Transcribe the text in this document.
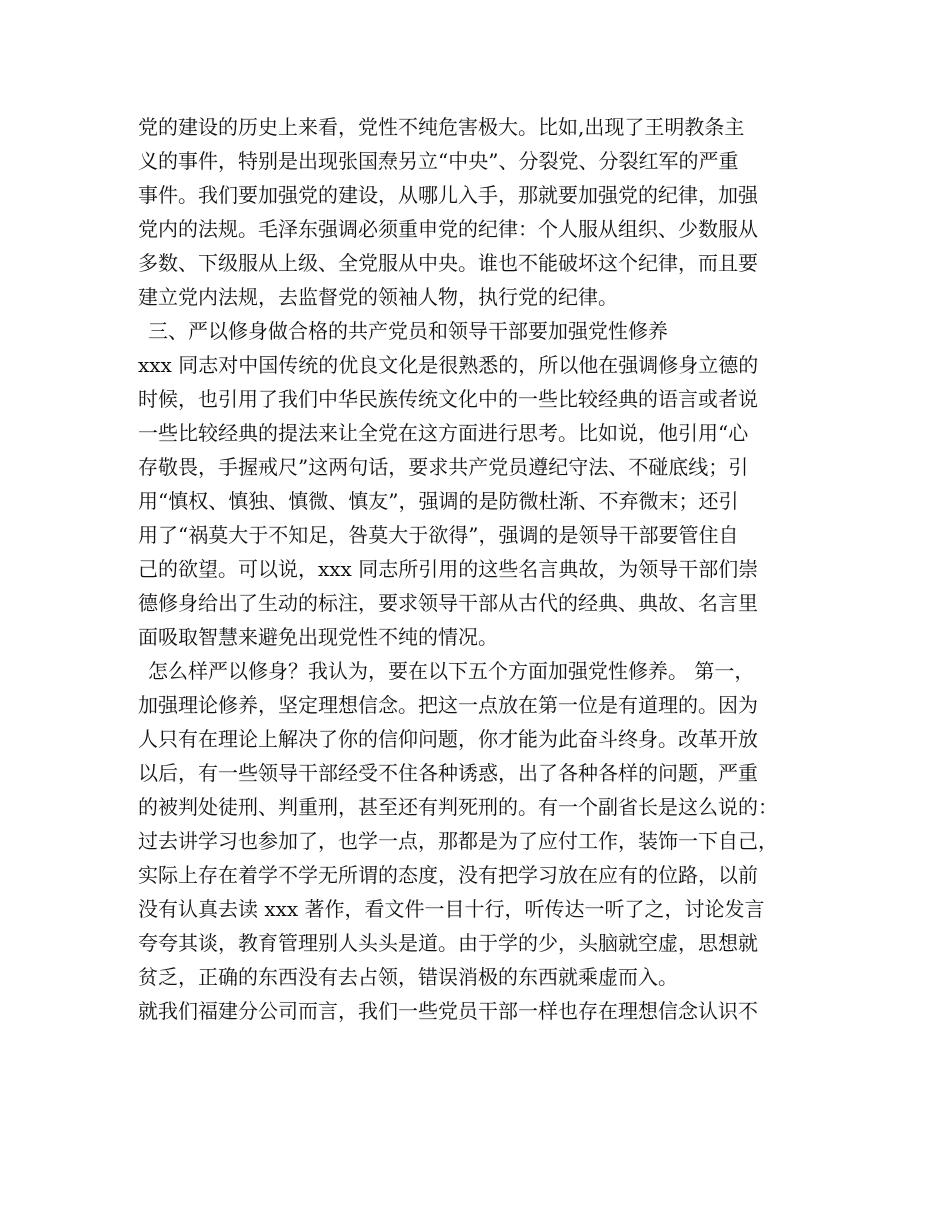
党的建设的历史上来看，党性不纯危害极大。比如,出现了王明教条主
义的事件，特别是出现张国焘另立“中央”、分裂党、分裂红军的严重
事件。我们要加强党的建设，从哪儿入手，那就要加强党的纪律，加强
党内的法规。毛泽东强调必须重申党的纪律：个人服从组织、少数服从
多数、下级服从上级、全党服从中央。谁也不能破坏这个纪律，而且要
建立党内法规，去监督党的领袖人物，执行党的纪律。
三、严以修身做合格的共产党员和领导干部要加强党性修养
xxx 同志对中国传统的优良文化是很熟悉的，所以他在强调修身立德的
时候，也引用了我们中华民族传统文化中的一些比较经典的语言或者说
一些比较经典的提法来让全党在这方面进行思考。比如说，他引用“心
存敬畏，手握戒尺”这两句话，要求共产党员遵纪守法、不碰底线；引
用“慎权、慎独、慎微、慎友”，强调的是防微杜渐、不弃微末；还引
用了“祸莫大于不知足，咎莫大于欲得”，强调的是领导干部要管住自
己的欲望。可以说，xxx 同志所引用的这些名言典故，为领导干部们崇
德修身给出了生动的标注，要求领导干部从古代的经典、典故、名言里
面吸取智慧来避免出现党性不纯的情况。
怎么样严以修身？我认为，要在以下五个方面加强党性修养。 第一，
加强理论修养，坚定理想信念。把这一点放在第一位是有道理的。因为
人只有在理论上解决了你的信仰问题，你才能为此奋斗终身。改革开放
以后，有一些领导干部经受不住各种诱惑，出了各种各样的问题，严重
的被判处徒刑、判重刑，甚至还有判死刑的。有一个副省长是这么说的：
过去讲学习也参加了，也学一点，那都是为了应付工作，装饰一下自己，
实际上存在着学不学无所谓的态度，没有把学习放在应有的位路，以前
没有认真去读 xxx 著作，看文件一目十行，听传达一听了之，讨论发言
夸夸其谈，教育管理别人头头是道。由于学的少，头脑就空虚，思想就
贫乏，正确的东西没有去占领，错误消极的东西就乘虚而入。
就我们福建分公司而言，我们一些党员干部一样也存在理想信念认识不
